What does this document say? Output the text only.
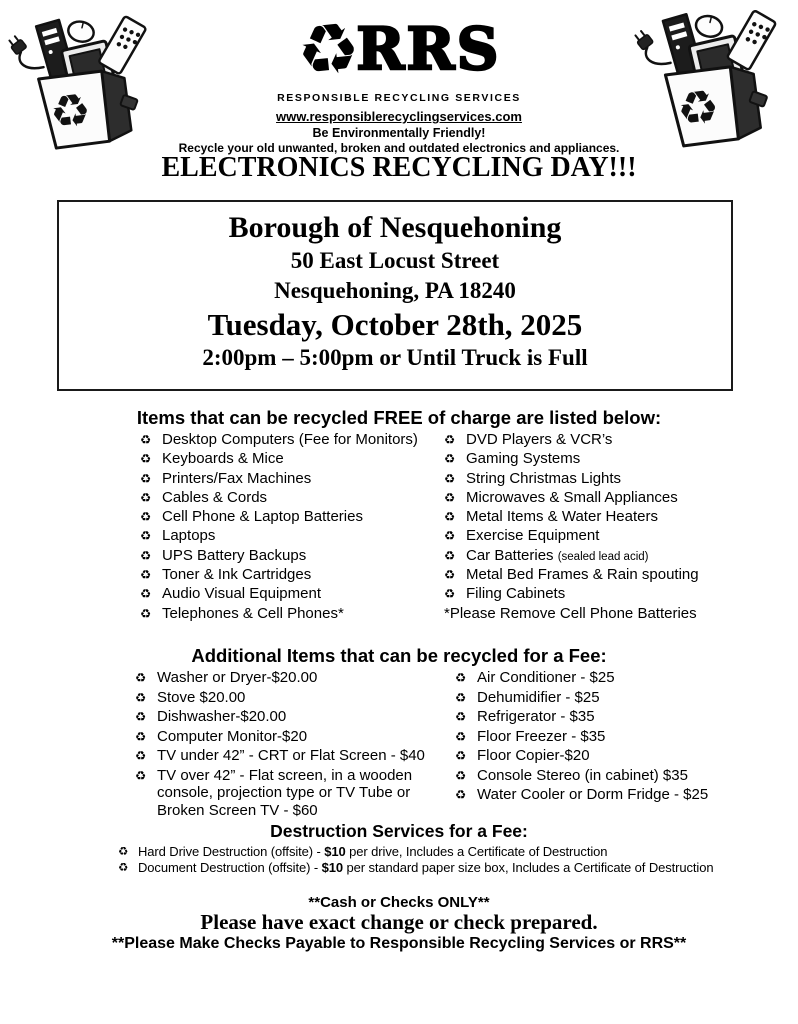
♻	♻
♻
RRS
RESPONSIBLE RECYCLING SERVICES
www.responsiblerecyclingservices.com
Be Environmentally Friendly!
Recycle your old unwanted, broken and outdated electronics and appliances.
ELECTRONICS RECYCLING DAY!!!
Borough of Nesquehoning
50 East Locust Street
Nesquehoning, PA 18240
Tuesday, October 28th, 2025
2:00pm – 5:00pm or Until Truck is Full
Items that can be recycled FREE of charge are listed below:
♻ Desktop Computers (Fee for Monitors)
♻ Keyboards & Mice
♻ Printers/Fax Machines
♻ Cables & Cords
♻ Cell Phone & Laptop Batteries
♻ Laptops
♻ UPS Battery Backups
♻ Toner & Ink Cartridges
♻ Audio Visual Equipment
♻ Telephones & Cell Phones*
♻ DVD Players & VCR’s
♻ Gaming Systems
♻ String Christmas Lights
♻ Microwaves & Small Appliances
♻ Metal Items & Water Heaters
♻ Exercise Equipment
♻ Car Batteries (sealed lead acid)
♻ Metal Bed Frames & Rain spouting
♻ Filing Cabinets
*Please Remove Cell Phone Batteries
Additional Items that can be recycled for a Fee:
♻ Washer or Dryer-$20.00
♻ Stove $20.00
♻ Dishwasher-$20.00
♻ Computer Monitor-$20
♻ TV under 42” - CRT or Flat Screen - $40
♻ TV over 42” - Flat screen, in a wooden console, projection type or TV Tube or Broken Screen TV - $60
♻ Air Conditioner - $25
♻ Dehumidifier - $25
♻ Refrigerator - $35
♻ Floor Freezer - $35
♻ Floor Copier-$20
♻ Console Stereo (in cabinet) $35
♻ Water Cooler or Dorm Fridge - $25
Destruction Services for a Fee:
♻ Hard Drive Destruction (offsite) - $10 per drive, Includes a Certificate of Destruction
♻ Document Destruction (offsite) - $10 per standard paper size box, Includes a Certificate of Destruction
**Cash or Checks ONLY**
Please have exact change or check prepared.
**Please Make Checks Payable to Responsible Recycling Services or RRS**
